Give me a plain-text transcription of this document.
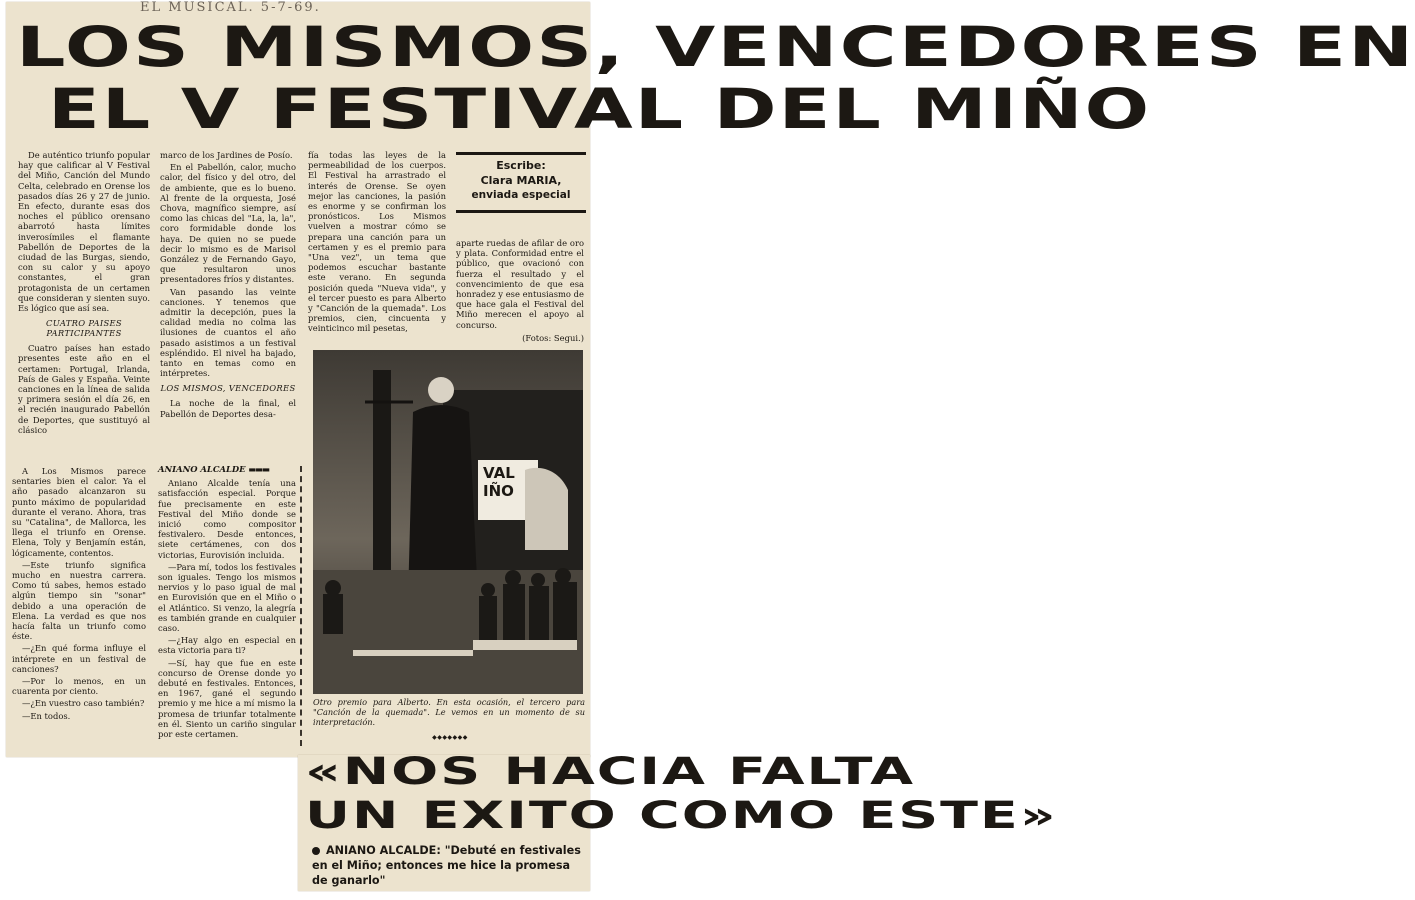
EL MUSICAL. 5-7-69.
LOS MISMOS, VENCEDORES EN
EL V FESTIVAL DEL MIÑO

De auténtico triunfo popular hay que calificar al V Festival del Miño, Canción del Mundo Celta, celebrado en Orense los pasados días 26 y 27 de junio. En efecto, durante esas dos noches el público orensano abarrotó hasta límites inverosímiles el flamante Pabellón de Deportes de la ciudad de las Burgas, siendo, con su calor y su apoyo constantes, el gran protagonista de un certamen que consideran y sienten suyo. Es lógico que así sea.

CUATRO PAISES PARTICIPANTES

Cuatro países han estado presentes este año en el certamen: Portugal, Irlanda, País de Gales y España. Veinte canciones en la línea de salida y primera sesión el día 26, en el recién inaugurado Pabellón de Deportes, que sustituyó al clásico

marco de los Jardines de Posío.

En el Pabellón, calor, mucho calor, del físico y del otro, del de ambiente, que es lo bueno. Al frente de la orquesta, José Chova, magnífico siempre, así como las chicas del "La, la, la", coro formidable donde los haya. De quien no se puede decir lo mismo es de Marisol González y de Fernando Gayo, que resultaron unos presentadores fríos y distantes.

Van pasando las veinte canciones. Y tenemos que admitir la decepción, pues la calidad media no colma las ilusiones de cuantos el año pasado asistimos a un festival espléndido. El nivel ha bajado, tanto en temas como en intérpretes.

LOS MISMOS, VENCEDORES

La noche de la final, el Pabellón de Deportes desa-

fía todas las leyes de la permeabilidad de los cuerpos. El Festival ha arrastrado el interés de Orense. Se oyen mejor las canciones, la pasión es enorme y se confirman los pronósticos. Los Mismos vuelven a mostrar cómo se prepara una canción para un certamen y es el premio para "Una vez", un tema que podemos escuchar bastante este verano. En segunda posición queda "Nueva vida", y el tercer puesto es para Alberto y "Canción de la quemada". Los premios, cien, cincuenta y veinticinco mil pesetas,

Escribe:
Clara MARIA,
enviada especial

aparte ruedas de afilar de oro y plata. Conformidad entre el público, que ovacionó con fuerza el resultado y el convencimiento de que esa honradez y ese entusiasmo de que hace gala el Festival del Miño merecen el apoyo al concurso.

(Fotos: Segui.)

A Los Mismos parece sentaries bien el calor. Ya el año pasado alcanzaron su punto máximo de popularidad durante el verano. Ahora, tras su "Catalina", de Mallorca, les llega el triunfo en Orense. Elena, Toly y Benjamín están, lógicamente, contentos.

—Este triunfo significa mucho en nuestra carrera. Como tú sabes, hemos estado algún tiempo sin "sonar" debido a una operación de Elena. La verdad es que nos hacía falta un triunfo como éste.

—¿En qué forma influye el intérprete en un festival de canciones?

—Por lo menos, en un cuarenta por ciento.

—¿En vuestro caso también?

—En todos.

ANIANO ALCALDE ▬▬▬

Aniano Alcalde tenía una satisfacción especial. Porque fue precisamente en este Festival del Miño donde se inició como compositor festivalero. Desde entonces, siete certámenes, con dos victorias, Eurovisión incluida.

—Para mí, todos los festivales son iguales. Tengo los mismos nervios y lo paso igual de mal en Eurovisión que en el Miño o el Atlántico. Si venzo, la alegría es también grande en cualquier caso.

—¿Hay algo en especial en esta victoria para ti?

—Sí, hay que fue en este concurso de Orense donde yo debuté en festivales. Entonces, en 1967, gané el segundo premio y me hice a mí mismo la promesa de triunfar totalmente en él. Siento un cariño singular por este certamen.

VAL
IÑO
Otro premio para Alberto. En esta ocasión, el tercero para "Canción de la quemada". Le vemos en un momento de su interpretación.
◆◆◆◆◆◆◆
«NOS HACIA FALTA
UN EXITO COMO ESTE»
ANIANO ALCALDE: "Debuté en festivales en el Miño; entonces me hice la promesa de ganarlo"
